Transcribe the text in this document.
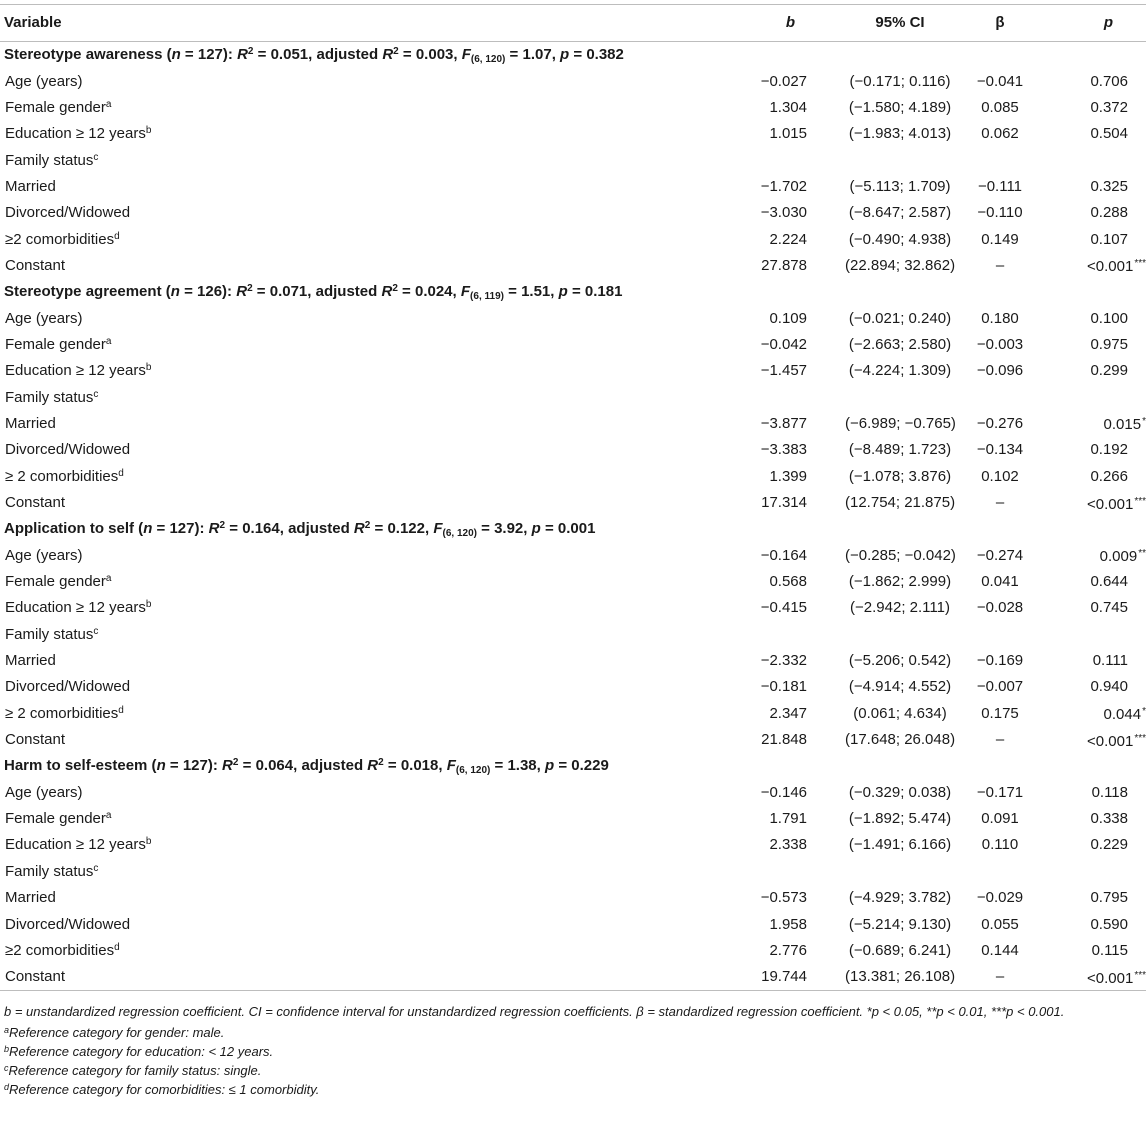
Variable	b	95% CI	β	p
Stereotype awareness (n = 127): $R^2 = 0.051$, adjusted $R^2 = 0.003$, $F_{(6, 120)} = 1.07$, p = 0.382				
Age (years)	−0.027	(−0.171; 0.116)	−0.041	0.706
Female gender$^a$	1.304	(−1.580; 4.189)	0.085	0.372
Education ≥ 12 years$^b$	1.015	(−1.983; 4.013)	0.062	0.504
Family status$^c$				
Married	−1.702	(−5.113; 1.709)	−0.111	0.325
Divorced/Widowed	−3.030	(−8.647; 2.587)	−0.110	0.288
≥2 comorbidities$^d$	2.224	(−0.490; 4.938)	0.149	0.107
Constant	27.878	(22.894; 32.862)	–	<0.001***
Stereotype agreement (n = 126): $R^2 = 0.071$, adjusted $R^2 = 0.024$, $F_{(6, 119)} = 1.51$, p = 0.181				
Age (years)	0.109	(−0.021; 0.240)	0.180	0.100
Female gender$^a$	−0.042	(−2.663; 2.580)	−0.003	0.975
Education ≥ 12 years$^b$	−1.457	(−4.224; 1.309)	−0.096	0.299
Family status$^c$				
Married	−3.877	(−6.989; −0.765)	−0.276	0.015*
Divorced/Widowed	−3.383	(−8.489; 1.723)	−0.134	0.192
≥ 2 comorbidities$^d$	1.399	(−1.078; 3.876)	0.102	0.266
Constant	17.314	(12.754; 21.875)	–	<0.001***
Application to self (n = 127): $R^2 = 0.164$, adjusted $R^2 = 0.122$, $F_{(6, 120)} = 3.92$, p = 0.001				
Age (years)	−0.164	(−0.285; −0.042)	−0.274	0.009**
Female gender$^a$	0.568	(−1.862; 2.999)	0.041	0.644
Education ≥ 12 years$^b$	−0.415	(−2.942; 2.111)	−0.028	0.745
Family status$^c$				
Married	−2.332	(−5.206; 0.542)	−0.169	0.111
Divorced/Widowed	−0.181	(−4.914; 4.552)	−0.007	0.940
≥ 2 comorbidities$^d$	2.347	(0.061; 4.634)	0.175	0.044*
Constant	21.848	(17.648; 26.048)	–	<0.001***
Harm to self-esteem (n = 127): $R^2 = 0.064$, adjusted $R^2 = 0.018$, $F_{(6, 120)} = 1.38$, p = 0.229				
Age (years)	−0.146	(−0.329; 0.038)	−0.171	0.118
Female gender$^a$	1.791	(−1.892; 5.474)	0.091	0.338
Education ≥ 12 years$^b$	2.338	(−1.491; 6.166)	0.110	0.229
Family status$^c$				
Married	−0.573	(−4.929; 3.782)	−0.029	0.795
Divorced/Widowed	1.958	(−5.214; 9.130)	0.055	0.590
≥2 comorbidities$^d$	2.776	(−0.689; 6.241)	0.144	0.115
Constant	19.744	(13.381; 26.108)	–	<0.001***
b = unstandardized regression coefficient. CI = confidence interval for unstandardized regression coefficients. β = standardized regression coefficient. *p < 0.05, **p < 0.01, ***p < 0.001.
$^a$Reference category for gender: male.
$^b$Reference category for education: < 12 years.
$^c$Reference category for family status: single.
$^d$Reference category for comorbidities: ≤ 1 comorbidity.
